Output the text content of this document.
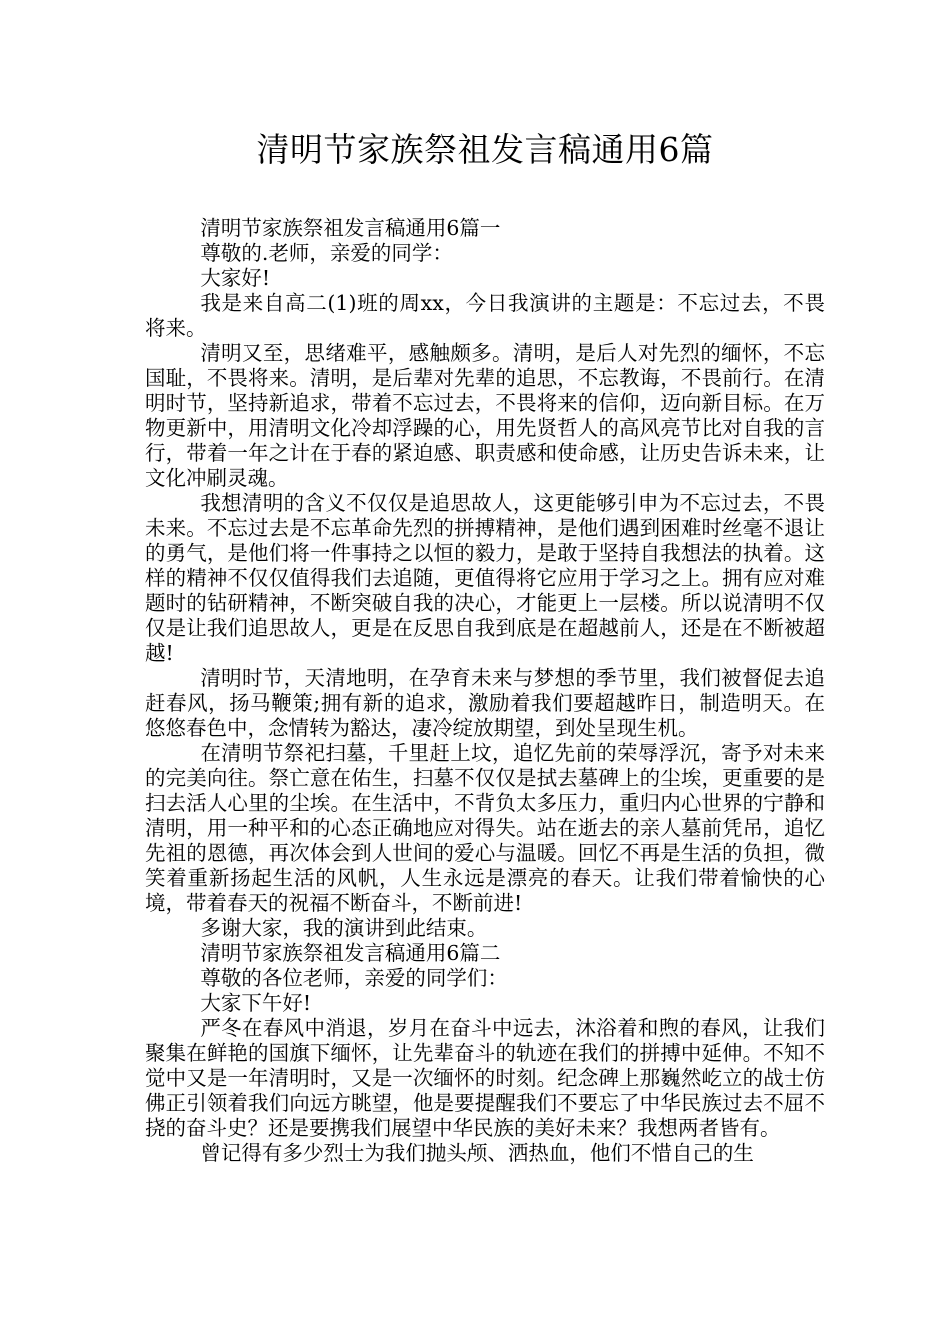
清明节家族祭祖发言稿通用6篇

清明节家族祭祖发言稿通用6篇一

尊敬的.老师，亲爱的同学：

大家好!

我是来自高二(1)班的周xx，今日我演讲的主题是：不忘过去，不畏将来。

清明又至，思绪难平，感触颇多。清明，是后人对先烈的缅怀，不忘国耻，不畏将来。清明，是后辈对先辈的追思，不忘教诲，不畏前行。在清明时节，坚持新追求，带着不忘过去，不畏将来的信仰，迈向新目标。在万物更新中，用清明文化冷却浮躁的心，用先贤哲人的高风亮节比对自我的言行，带着一年之计在于春的紧迫感、职责感和使命感，让历史告诉未来，让文化冲刷灵魂。

我想清明的含义不仅仅是追思故人，这更能够引申为不忘过去，不畏未来。不忘过去是不忘革命先烈的拼搏精神，是他们遇到困难时丝毫不退让的勇气，是他们将一件事持之以恒的毅力，是敢于坚持自我想法的执着。这样的精神不仅仅值得我们去追随，更值得将它应用于学习之上。拥有应对难题时的钻研精神，不断突破自我的决心，才能更上一层楼。所以说清明不仅仅是让我们追思故人，更是在反思自我到底是在超越前人，还是在不断被超越!

清明时节，天清地明，在孕育未来与梦想的季节里，我们被督促去追赶春风，扬马鞭策;拥有新的追求，激励着我们要超越昨日，制造明天。在悠悠春色中，念情转为豁达，凄冷绽放期望，到处呈现生机。

在清明节祭祀扫墓，千里赶上坟，追忆先前的荣辱浮沉，寄予对未来的完美向往。祭亡意在佑生，扫墓不仅仅是拭去墓碑上的尘埃，更重要的是扫去活人心里的尘埃。在生活中，不背负太多压力，重归内心世界的宁静和清明，用一种平和的心态正确地应对得失。站在逝去的亲人墓前凭吊，追忆先祖的恩德，再次体会到人世间的爱心与温暖。回忆不再是生活的负担，微笑着重新扬起生活的风帆，人生永远是漂亮的春天。让我们带着愉快的心境，带着春天的祝福不断奋斗，不断前进!

多谢大家，我的演讲到此结束。

清明节家族祭祖发言稿通用6篇二

尊敬的各位老师，亲爱的同学们：

大家下午好!

严冬在春风中消退，岁月在奋斗中远去，沐浴着和煦的春风，让我们聚集在鲜艳的国旗下缅怀，让先辈奋斗的轨迹在我们的拼搏中延伸。不知不觉中又是一年清明时，又是一次缅怀的时刻。纪念碑上那巍然屹立的战士仿佛正引领着我们向远方眺望，他是要提醒我们不要忘了中华民族过去不屈不挠的奋斗史？还是要携我们展望中华民族的美好未来？我想两者皆有。

曾记得有多少烈士为我们抛头颅、洒热血，他们不惜自己的生
